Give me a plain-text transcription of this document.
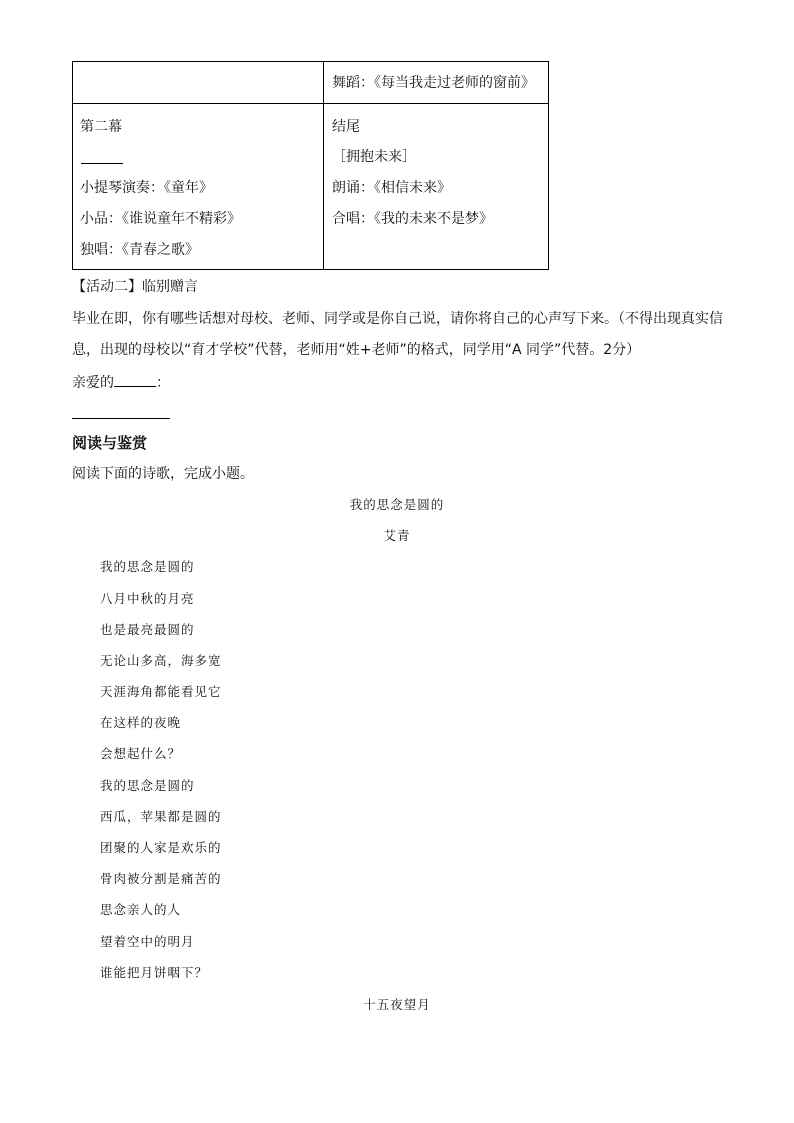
舞蹈：《每当我走过老师的窗前》
第二幕
小提琴演奏：《童年》
小品：《谁说童年不精彩》
独唱：《青春之歌》
结尾
［拥抱未来］
朗诵：《相信未来》
合唱：《我的未来不是梦》
【活动二】临别赠言
毕业在即，你有哪些话想对母校、老师、同学或是你自己说，请你将自己的心声写下来。（不得出现真实信
息，出现的母校以“育才学校”代替，老师用“姓+老师”的格式，同学用“A 同学”代替。2分）
亲爱的	：
阅读与鉴赏
阅读下面的诗歌，完成小题。
我的思念是圆的
艾青
我的思念是圆的
八月中秋的月亮
也是最亮最圆的
无论山多高，海多宽
天涯海角都能看见它
在这样的夜晚
会想起什么？
我的思念是圆的
西瓜，苹果都是圆的
团聚的人家是欢乐的
骨肉被分割是痛苦的
思念亲人的人
望着空中的明月
谁能把月饼咽下？
十五夜望月
